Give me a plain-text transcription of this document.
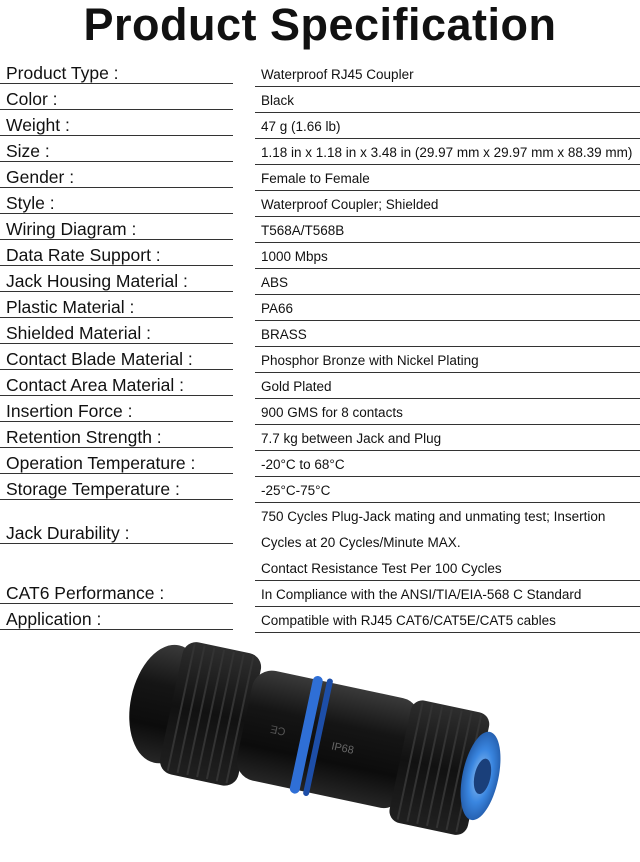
Product Specification
Product Type :	Waterproof RJ45 Coupler
Color :	Black
Weight :	47 g (1.66 lb)
Size :	1.18 in x 1.18 in x 3.48 in (29.97 mm x 29.97 mm x 88.39 mm)
Gender :	Female to Female
Style :	Waterproof Coupler; Shielded
Wiring Diagram :	T568A/T568B
Data Rate Support :	1000 Mbps
Jack Housing Material :	ABS
Plastic Material :	PA66
Shielded Material :	BRASS
Contact Blade Material :	Phosphor Bronze with Nickel Plating
Contact Area Material :	Gold Plated
Insertion Force :	900 GMS for 8 contacts
Retention Strength :	7.7 kg between Jack and Plug
Operation Temperature :	-20°C to 68°C
Storage Temperature :	-25°C-75°C
Jack Durability :
750 Cycles Plug-Jack mating and unmating test; Insertion
Cycles at 20 Cycles/Minute MAX.
Contact Resistance Test Per 100 Cycles
CAT6 Performance :	In Compliance with the ANSI/TIA/EIA-568 C Standard
Application :	Compatible with RJ45 CAT6/CAT5E/CAT5 cables
CE
IP68
